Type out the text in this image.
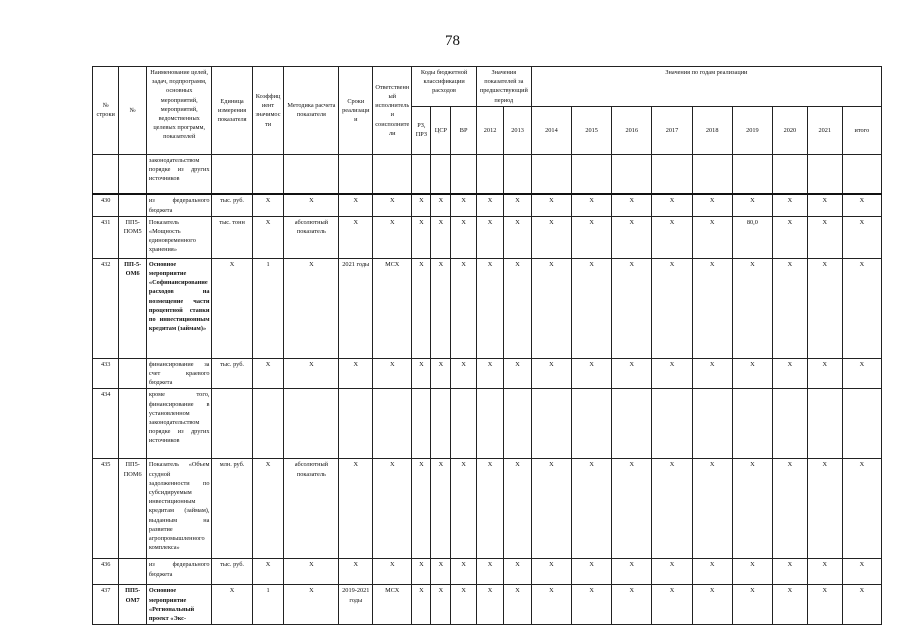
78
№ строки	№	Наименование целей, задач, подпрограмм, основных мероприятий, мероприятий, ведомственных целевых программ, показателей	Единица измерения показателя	Коэффициент значимости	Методика расчета показателя	Сроки реализации	Ответственный исполнитель и соисполнители	Коды бюджетной классификации расходов			Значения показателей за предшествующий период		Значения по годам реализации								
								РЗ, ПРЗ	ЦСР	ВР	2012	2013	2014	2015	2016	2017	2018	2019	2020	2021	итого
		законодательством порядке из других источников																			
430		из федерального бюджета	тыс. руб.	X	X	X	X	X	X	X	X	X	X	X	X	X	X	X	X	X	X
431	ПП5-ПОМ5	Показатель «Мощность единовременного хранения»	тыс. тонн	X	абсолютный показатель	X	X	X	X	X	X	X	X	X	X	X	X	80,0	X	X	X
432	ПП-5-ОМ6	Основное мероприятие «Софинансирование расходов на возмещение части процентной ставки по инвестиционным кредитам (займам)»	X	1	X	2021 годы	МСХ	X	X	X	X	X	X	X	X	X	X	X	X	X	X
433		финансирование за счет краевого бюджета	тыс. руб.	X	X	X	X	X	X	X	X	X	X	X	X	X	X	X	X	X	X
434		кроме того, финансирование в установленном законодательством порядке из других источников																			
435	ПП5-ПОМ6	Показатель «Объем ссудной задолженности по субсидируемым инвестиционным кредитам (займам), выданным на развитие агропромышленного комплекса»	млн. руб.	X	абсолютный показатель	X	X	X	X	X	X	X	X	X	X	X	X	X	X	X	X
436		из федерального бюджета	тыс. руб.	X	X	X	X	X	X	X	X	X	X	X	X	X	X	X	X	X	X
437	ПП5-ОМ7	Основное мероприятие «Региональный проект «Экс-	X	1	X	2019-2021 годы	МСХ	X	X	X	X	X	X	X	X	X	X	X	X	X	X
